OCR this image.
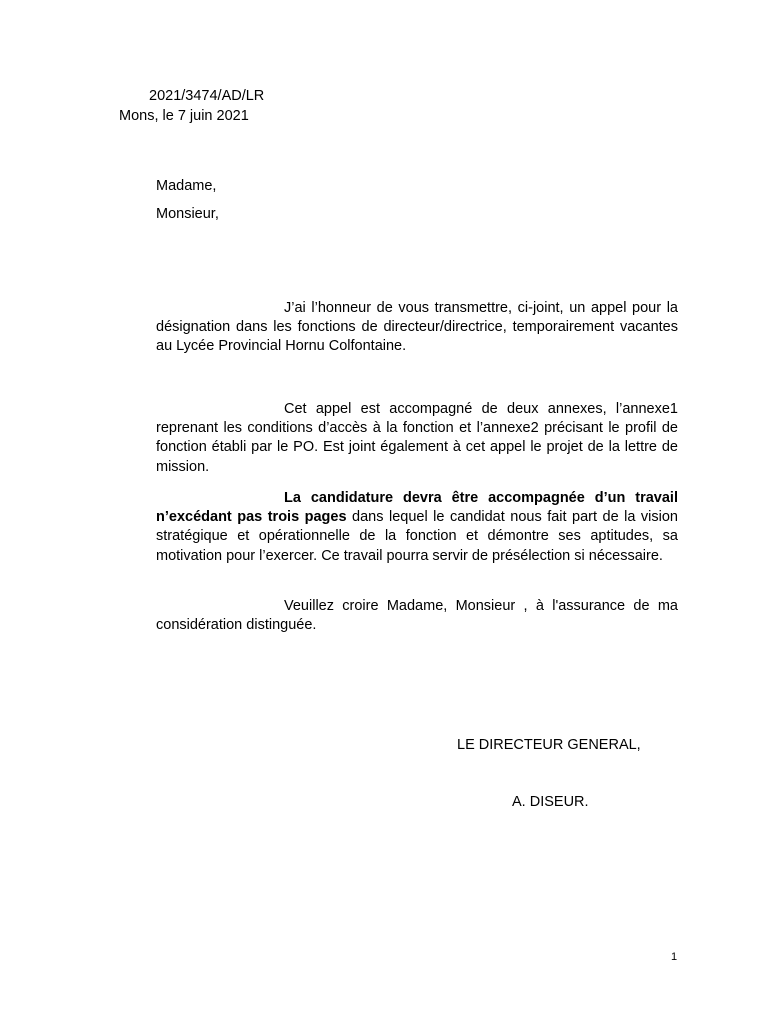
2021/3474/AD/LR
Mons, le 7 juin 2021
Madame,
Monsieur,
J’ai l’honneur de vous transmettre, ci-joint, un appel pour la désignation dans les fonctions de directeur/directrice, temporairement vacantes au Lycée Provincial Hornu Colfontaine.
Cet appel est accompagné de deux annexes, l’annexe1 reprenant les conditions d’accès à la fonction et l’annexe2 précisant le profil de fonction établi par le PO. Est joint également à cet appel le projet de la lettre de mission.
La candidature devra être accompagnée d’un travail n’excédant pas trois pages dans lequel le candidat nous fait part de la vision stratégique et opérationnelle de la fonction et démontre ses aptitudes, sa motivation pour l’exercer. Ce travail pourra servir de présélection si nécessaire.
Veuillez croire Madame, Monsieur , à l'assurance de ma considération distinguée.
LE DIRECTEUR GENERAL,
A. DISEUR.
1
